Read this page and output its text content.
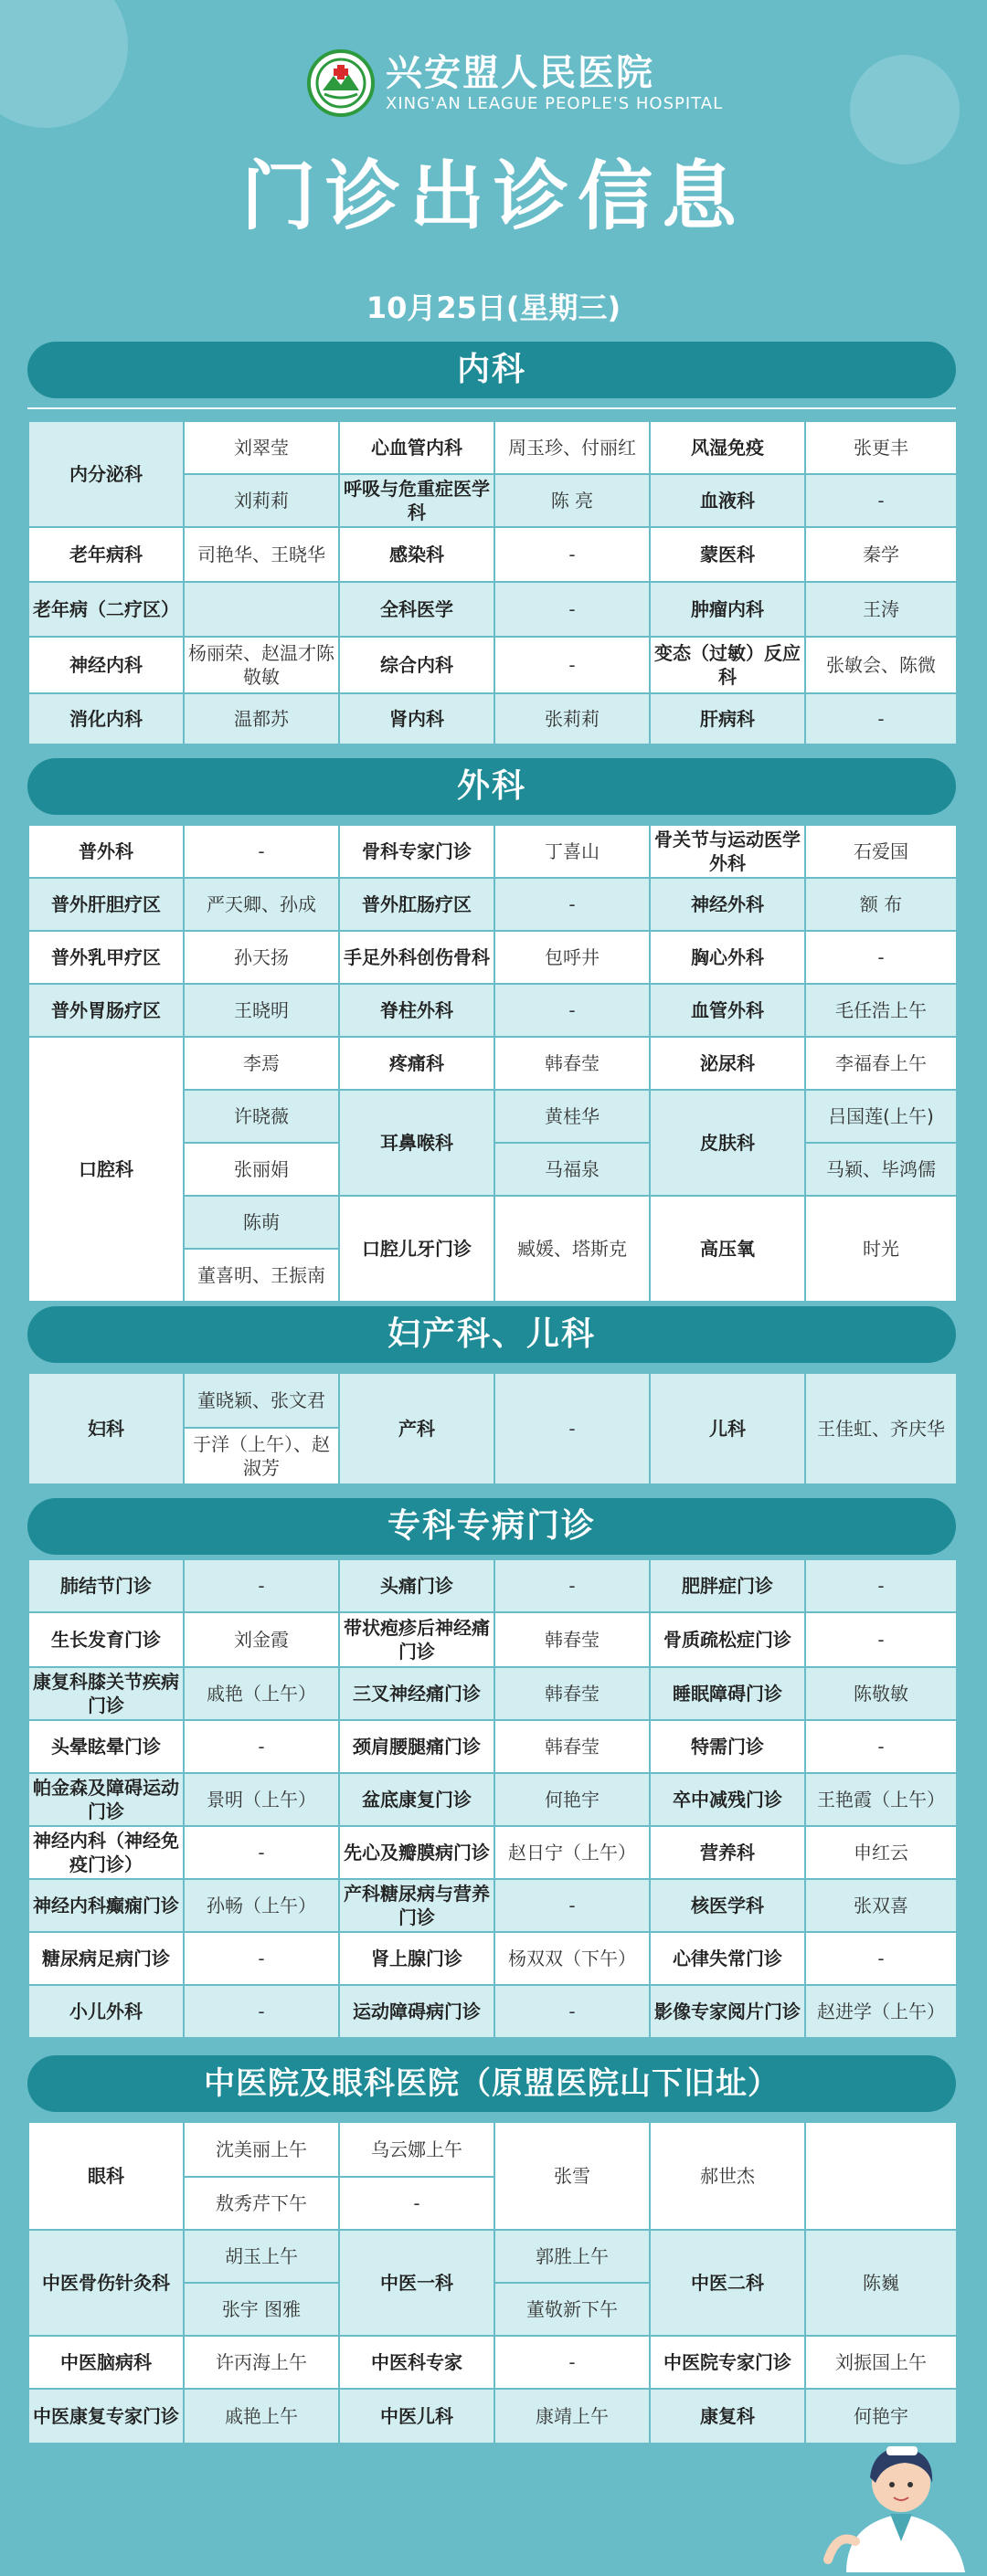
兴安盟人民医院
XING'AN LEAGUE PEOPLE'S HOSPITAL
门诊出诊信息
10月25日(星期三)
内科
内分泌科	刘翠莹	心血管内科	周玉珍、付丽红	风湿免疫	张更丰
	刘莉莉	呼吸与危重症医学科	陈 亮	血液科	-
老年病科	司艳华、王晓华	感染科	-	蒙医科	秦学
老年病（二疗区）		全科医学	-	肿瘤内科	王涛
神经内科	杨丽荣、赵温才陈敬敏	综合内科	-	变态（过敏）反应科	张敏会、陈微
消化内科	温都苏	肾内科	张莉莉	肝病科	-
外科
普外科	-	骨科专家门诊	丁喜山	骨关节与运动医学外科	石爱国
普外肝胆疗区	严天卿、孙成	普外肛肠疗区	-	神经外科	额 布
普外乳甲疗区	孙天扬	手足外科创伤骨科	包呼井	胸心外科	-
普外胃肠疗区	王晓明	脊柱外科	-	血管外科	毛任浩上午
口腔科	李焉	疼痛科	韩春莹	泌尿科	李福春上午
	许晓薇	耳鼻喉科	黄桂华	皮肤科	吕国莲(上午)
	张丽娟		马福泉		马颖、毕鸿儒
	陈萌	口腔儿牙门诊	臧媛、塔斯克	高压氧	时光
	董喜明、王振南				
妇产科、儿科
妇科	董晓颖、张文君	产科	-	儿科	王佳虹、齐庆华
于洋（上午）、赵淑芳
专科专病门诊
肺结节门诊	-	头痛门诊	-	肥胖症门诊	-
生长发育门诊	刘金霞	带状疱疹后神经痛门诊	韩春莹	骨质疏松症门诊	-
康复科膝关节疾病门诊	戚艳（上午）	三叉神经痛门诊	韩春莹	睡眠障碍门诊	陈敬敏
头晕眩晕门诊	-	颈肩腰腿痛门诊	韩春莹	特需门诊	-
帕金森及障碍运动门诊	景明（上午）	盆底康复门诊	何艳宇	卒中减残门诊	王艳霞（上午）
神经内科（神经免疫门诊）	-	先心及瓣膜病门诊	赵日宁（上午）	营养科	申红云
神经内科癫痫门诊	孙畅（上午）	产科糖尿病与营养门诊	-	核医学科	张双喜
糖尿病足病门诊	-	肾上腺门诊	杨双双（下午）	心律失常门诊	-
小儿外科	-	运动障碍病门诊	-	影像专家阅片门诊	赵进学（上午）
中医院及眼科医院（原盟医院山下旧址）
眼科	沈美丽上午	乌云娜上午	张雪	郝世杰	
	敖秀芹下午	-			
中医骨伤针灸科	胡玉上午	中医一科	郭胜上午	中医二科	陈巍
	张宇 图雅		董敬新下午		
中医脑病科	许丙海上午	中医科专家	-	中医院专家门诊	刘振国上午
中医康复专家门诊	戚艳上午	中医儿科	康靖上午	康复科	何艳宇
